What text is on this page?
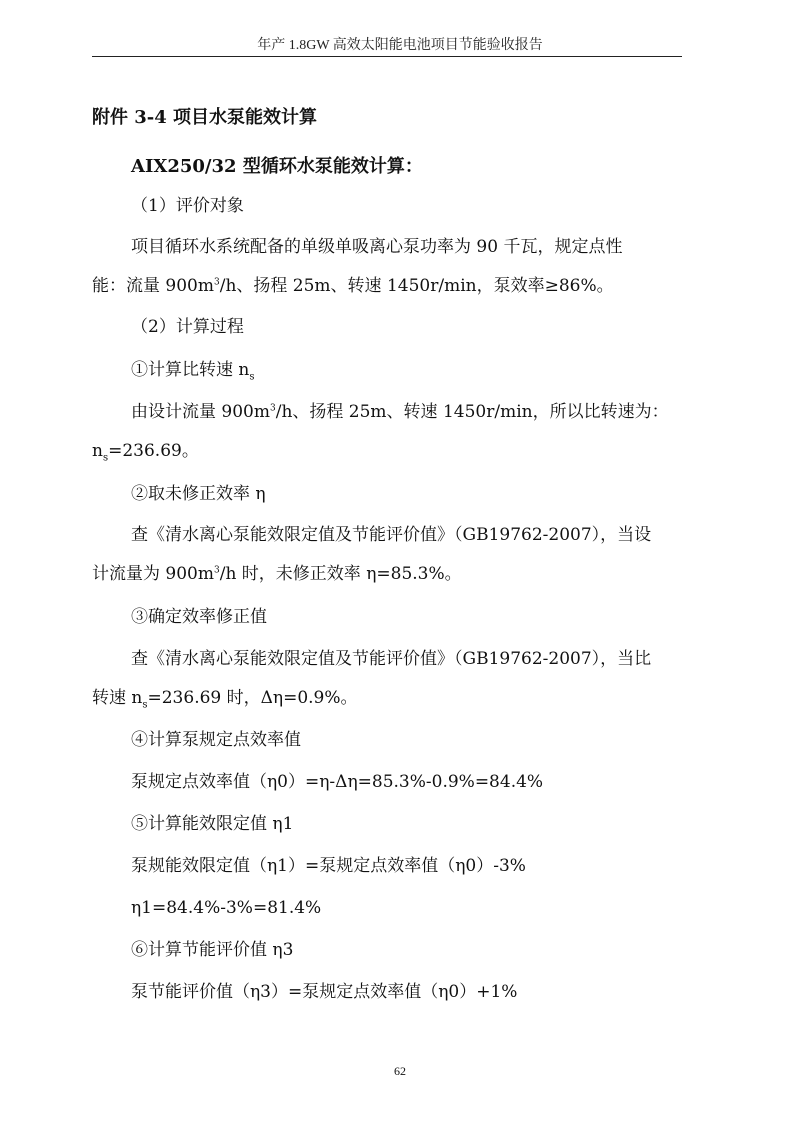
年产 1.8GW 高效太阳能电池项目节能验收报告
附件 3-4 项目水泵能效计算
AIX250/32 型循环水泵能效计算：
（1）评价对象
项目循环水系统配备的单级单吸离心泵功率为 90 千瓦，规定点性
能：流量 $900m^3/h$、扬程 25m、转速 1450r/min，泵效率≥86%。
（2）计算过程
①计算比转速 $n_s$
由设计流量 $900m^3/h$、扬程 25m、转速 1450r/min，所以比转速为：
$n_s=236.69$。
②取未修正效率 η
查《清水离心泵能效限定值及节能评价值》（GB19762-2007），当设
计流量为 $900m^3/h$ 时，未修正效率 η=85.3%。
③确定效率修正值
查《清水离心泵能效限定值及节能评价值》（GB19762-2007），当比
转速 $n_s=236.69$ 时，Δη=0.9%。
④计算泵规定点效率值
泵规定点效率值（η0）=η-Δη=85.3%-0.9%=84.4%
⑤计算能效限定值 η1
泵规能效限定值（η1）=泵规定点效率值（η0）-3%
η1=84.4%-3%=81.4%
⑥计算节能评价值 η3
泵节能评价值（η3）=泵规定点效率值（η0）+1%
62
